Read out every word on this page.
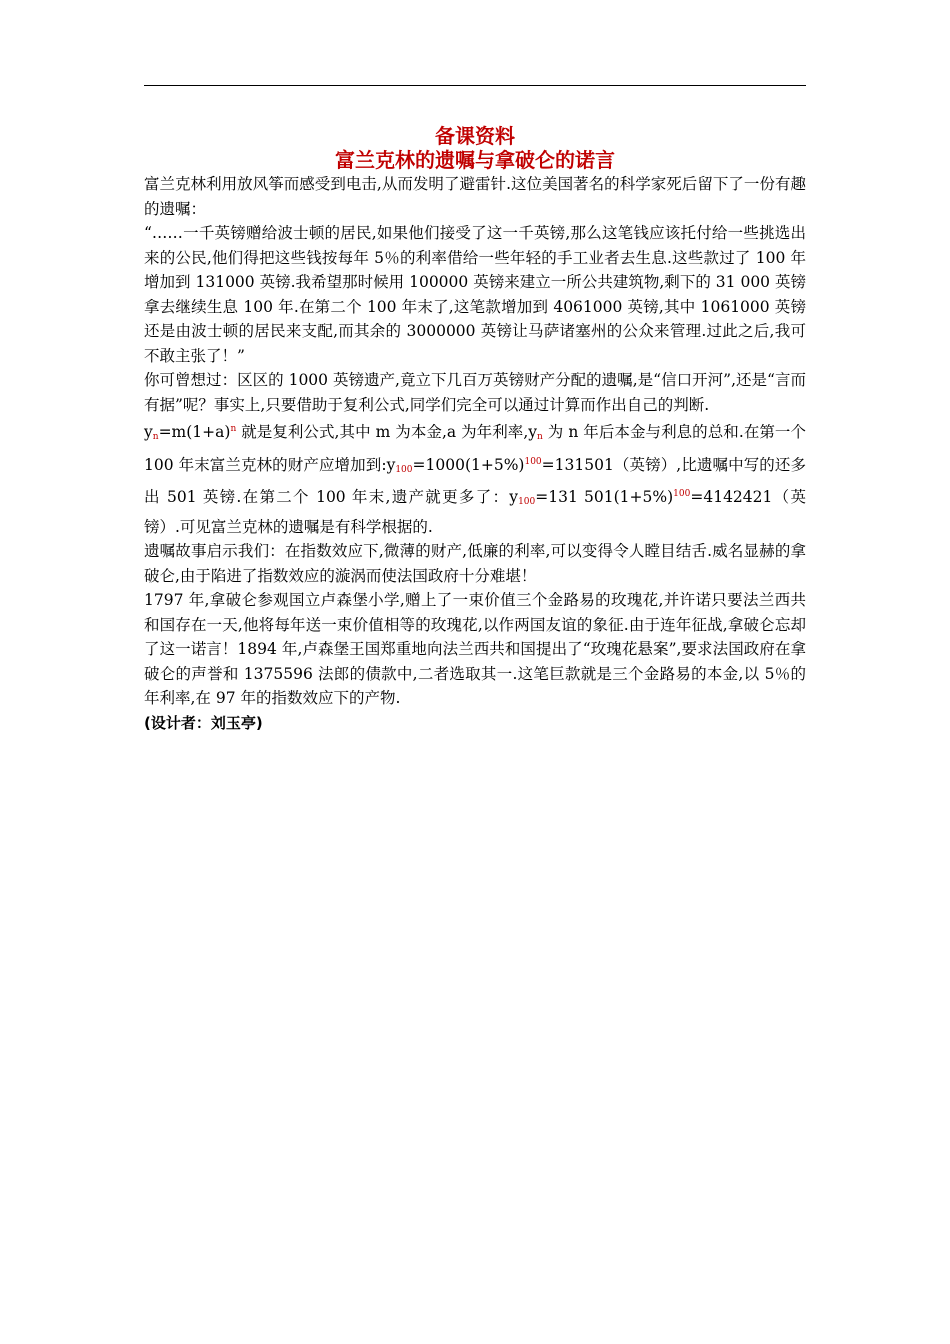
备课资料

富兰克林的遗嘱与拿破仑的诺言

富兰克林利用放风筝而感受到电击,从而发明了避雷针.这位美国著名的科学家死后留下了一份有趣的遗嘱：

“……一千英镑赠给波士顿的居民,如果他们接受了这一千英镑,那么这笔钱应该托付给一些挑选出来的公民,他们得把这些钱按每年 5％的利率借给一些年轻的手工业者去生息.这些款过了 100 年增加到 131000 英镑.我希望那时候用 100000 英镑来建立一所公共建筑物,剩下的 31 000 英镑拿去继续生息 100 年.在第二个 100 年末了,这笔款增加到 4061000 英镑,其中 1061000 英镑还是由波士顿的居民来支配,而其余的 3000000 英镑让马萨诸塞州的公众来管理.过此之后,我可不敢主张了！”

你可曾想过：区区的 1000 英镑遗产,竟立下几百万英镑财产分配的遗嘱,是“信口开河”,还是“言而有据”呢？事实上,只要借助于复利公式,同学们完全可以通过计算而作出自己的判断.

$y_n=m(1+a)^n$ 就是复利公式,其中 m 为本金,a 为年利率$,y_n$ 为 n 年后本金与利息的总和.在第一个 100 年末富兰克林的财产应增加到$:y_{100}=1000(1+5\%)^{100}=131501$（英镑）,比遗嘱中写的还多出 501 英镑.在第二个 100 年末,遗产就更多了：$y_{100}=131$ $501(1+5\%)^{100}=4142421$（英镑）.可见富兰克林的遗嘱是有科学根据的.

遗嘱故事启示我们：在指数效应下,微薄的财产,低廉的利率,可以变得令人瞠目结舌.威名显赫的拿破仑,由于陷进了指数效应的漩涡而使法国政府十分难堪！

1797 年,拿破仑参观国立卢森堡小学,赠上了一束价值三个金路易的玫瑰花,并许诺只要法兰西共和国存在一天,他将每年送一束价值相等的玫瑰花,以作两国友谊的象征.由于连年征战,拿破仑忘却了这一诺言！1894 年,卢森堡王国郑重地向法兰西共和国提出了“玫瑰花悬案”,要求法国政府在拿破仑的声誉和 1375596 法郎的债款中,二者选取其一.这笔巨款就是三个金路易的本金,以 5％的年利率,在 97 年的指数效应下的产物.

(设计者：刘玉亭)
